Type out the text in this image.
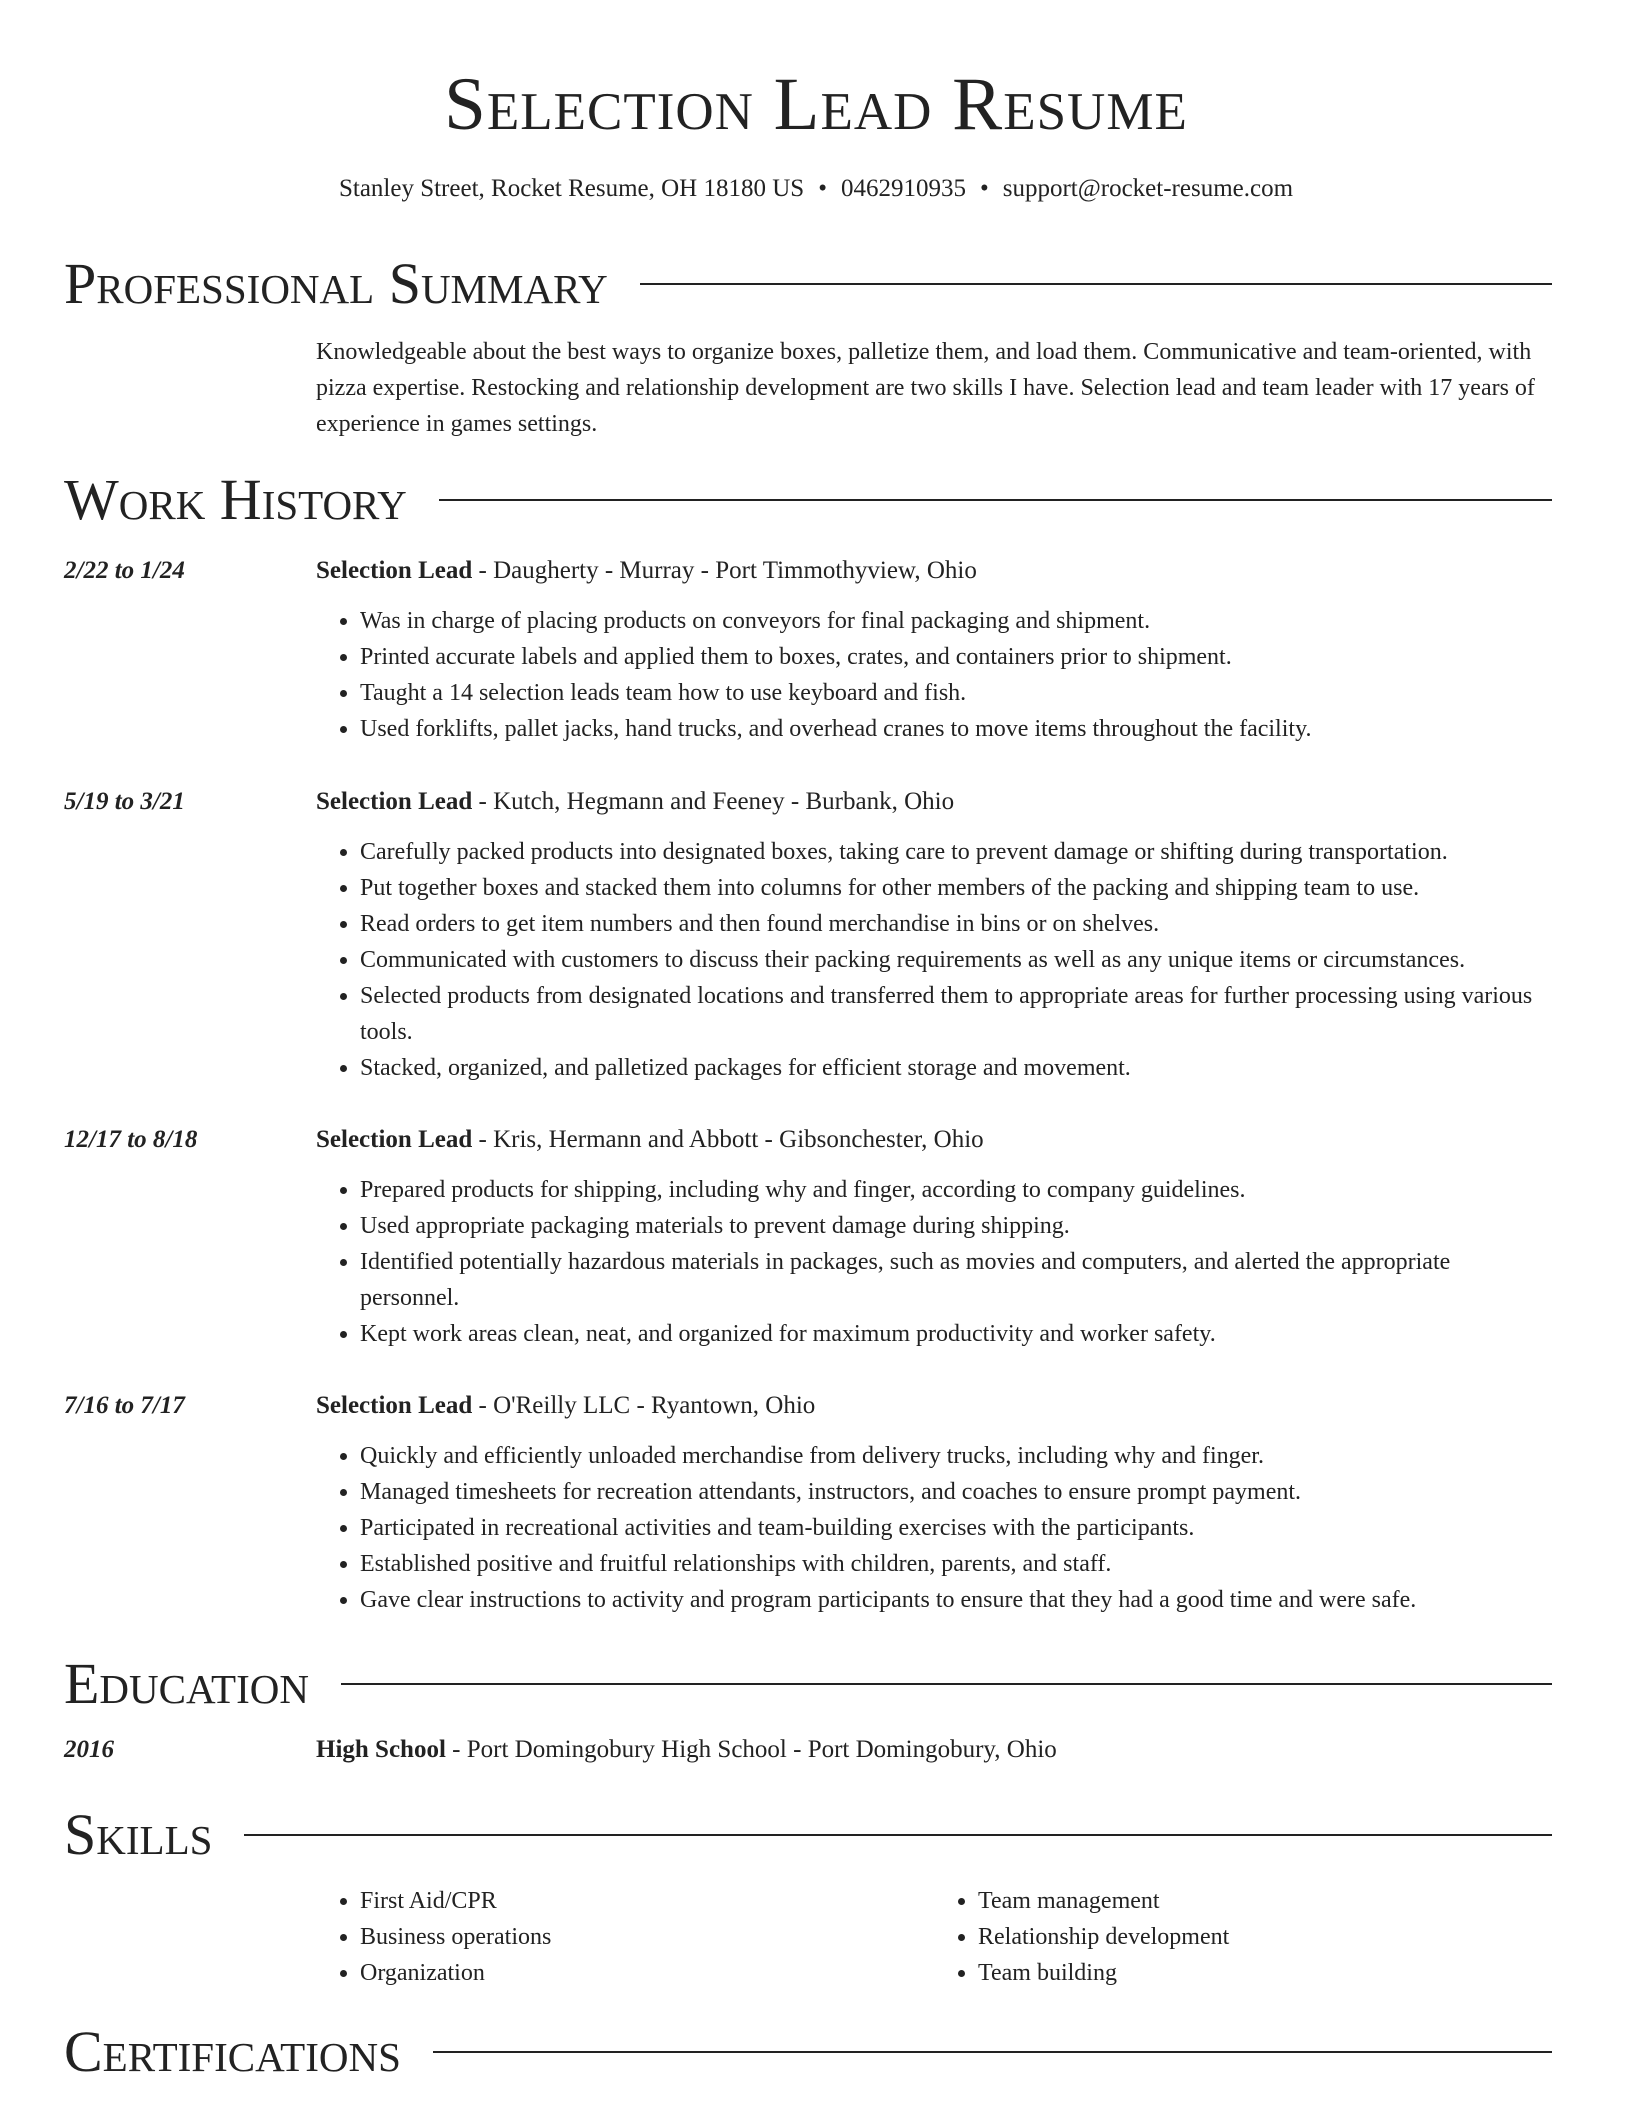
Selection Lead Resume
Stanley Street, Rocket Resume, OH 18180 US • 0462910935 • support@rocket-resume.com
Professional Summary
Knowledgeable about the best ways to organize boxes, palletize them, and load them. Communicative and team-oriented, with pizza expertise. Restocking and relationship development are two skills I have. Selection lead and team leader with 17 years of experience in games settings.
Work History
2/22 to 1/24	Selection Lead - Daugherty - Murray - Port Timmothyview, Ohio
• Was in charge of placing products on conveyors for final packaging and shipment.
• Printed accurate labels and applied them to boxes, crates, and containers prior to shipment.
• Taught a 14 selection leads team how to use keyboard and fish.
• Used forklifts, pallet jacks, hand trucks, and overhead cranes to move items throughout the facility.
5/19 to 3/21	Selection Lead - Kutch, Hegmann and Feeney - Burbank, Ohio
• Carefully packed products into designated boxes, taking care to prevent damage or shifting during transportation.
• Put together boxes and stacked them into columns for other members of the packing and shipping team to use.
• Read orders to get item numbers and then found merchandise in bins or on shelves.
• Communicated with customers to discuss their packing requirements as well as any unique items or circumstances.
• Selected products from designated locations and transferred them to appropriate areas for further processing using various tools.
• Stacked, organized, and palletized packages for efficient storage and movement.
12/17 to 8/18	Selection Lead - Kris, Hermann and Abbott - Gibsonchester, Ohio
• Prepared products for shipping, including why and finger, according to company guidelines.
• Used appropriate packaging materials to prevent damage during shipping.
• Identified potentially hazardous materials in packages, such as movies and computers, and alerted the appropriate personnel.
• Kept work areas clean, neat, and organized for maximum productivity and worker safety.
7/16 to 7/17	Selection Lead - O'Reilly LLC - Ryantown, Ohio
• Quickly and efficiently unloaded merchandise from delivery trucks, including why and finger.
• Managed timesheets for recreation attendants, instructors, and coaches to ensure prompt payment.
• Participated in recreational activities and team-building exercises with the participants.
• Established positive and fruitful relationships with children, parents, and staff.
• Gave clear instructions to activity and program participants to ensure that they had a good time and were safe.
Education
2016	High School - Port Domingobury High School - Port Domingobury, Ohio
Skills
• First Aid/CPR
• Business operations
• Organization
• Team management
• Relationship development
• Team building
Certifications
